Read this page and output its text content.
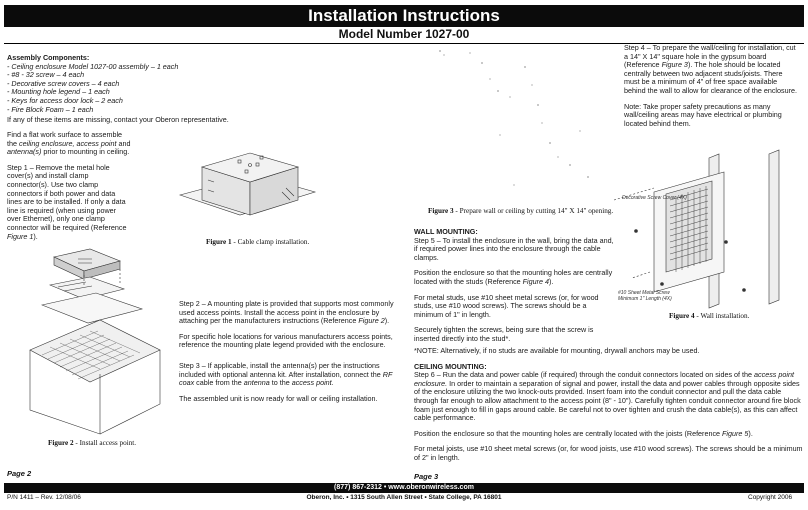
Installation Instructions
Model Number 1027-00
Assembly Components:
- Ceiling enclosure Model 1027-00 assembly – 1 each
- #8 - 32 screw – 4 each
- Decorative screw covers – 4 each
- Mounting hole legend – 1 each
- Keys for access door lock – 2 each
- Fire Block Foam – 1 each
If any of these items are missing, contact your Oberon representative.

Find a flat work surface to assemble the ceiling enclosure, access point and antenna(s) prior to mounting in ceiling.

Step 1 – Remove the metal hole cover(s) and install clamp connector(s). Use two clamp connectors if both power and data lines are to be installed. If only a data line is required (when using power over Ethernet), only one clamp connector will be required (Reference Figure 1).

Figure 1 - Cable clamp installation.
Figure 2 - Install access point.

Step 2 – A mounting plate is provided that supports most commonly used access points. Install the access point in the enclosure by attaching per the manufacturers instructions (Reference Figure 2).

For specific hole locations for various manufacturers access points, reference the mounting plate legend provided with the enclosure.

Step 3 – If applicable, install the antenna(s) per the instructions included with optional antenna kit. After installation, connect the RF coax cable from the antenna to the access point.

The assembled unit is now ready for wall or ceiling installation.

Page 2

Step 4 – To prepare the wall/ceiling for installation, cut a 14" X 14" square hole in the gypsum board (Reference Figure 3). The hole should be located centrally between two adjacent studs/joists. There must be a minimum of 4" of free space available behind the wall to allow for clearance of the enclosure.

Note: Take proper safety precautions as many wall/ceiling areas may have electrical or plumbing located behind them.

Figure 3 - Prepare wall or ceiling by cutting 14" X 14" opening.
WALL MOUNTING:

Step 5 – To install the enclosure in the wall, bring the data and, if required power lines into the enclosure through the cable clamps.

Position the enclosure so that the mounting holes are centrally located with the studs (Reference Figure 4).

For metal studs, use #10 sheet metal screws (or, for wood studs, use #10 wood screws). The screws should be a minimum of 1" in length.

Securely tighten the screws, being sure that the screw is inserted directly into the stud*.

Decorative Screw Cover (4X)
#10 Sheet Metal Screw
Minimum 1" Length (4X)
Figure 4 - Wall installation.

*NOTE: Alternatively, if no studs are available for mounting, drywall anchors may be used.

CEILING MOUNTING:

Step 6 – Run the data and power cable (if required) through the conduit connectors located on sides of the access point enclosure. In order to maintain a separation of signal and power, install the data and power cables through opposite sides of the enclosure utilizing the two knock-outs provided. Insert foam into the conduit connector and pull the data cable through far enough to allow attachment to the access point (8" - 10"). Carefully tighten conduit connector around fire block foam just enough to fill in gaps around cable. Be careful not to over tighten and crush the data cable(s), as this can affect cable performance.

Position the enclosure so that the mounting holes are centrally located with the joists (Reference Figure 5).

For metal joists, use #10 sheet metal screws (or, for wood joists, use #10 wood screws). The screws should be a minimum of 2" in length.

Page 3
(877) 867-2312 • www.oberonwireless.com
P/N 1411 – Rev. 12/08/06	Oberon, Inc. • 1315 South Allen Street • State College, PA 16801	Copyright 2006
